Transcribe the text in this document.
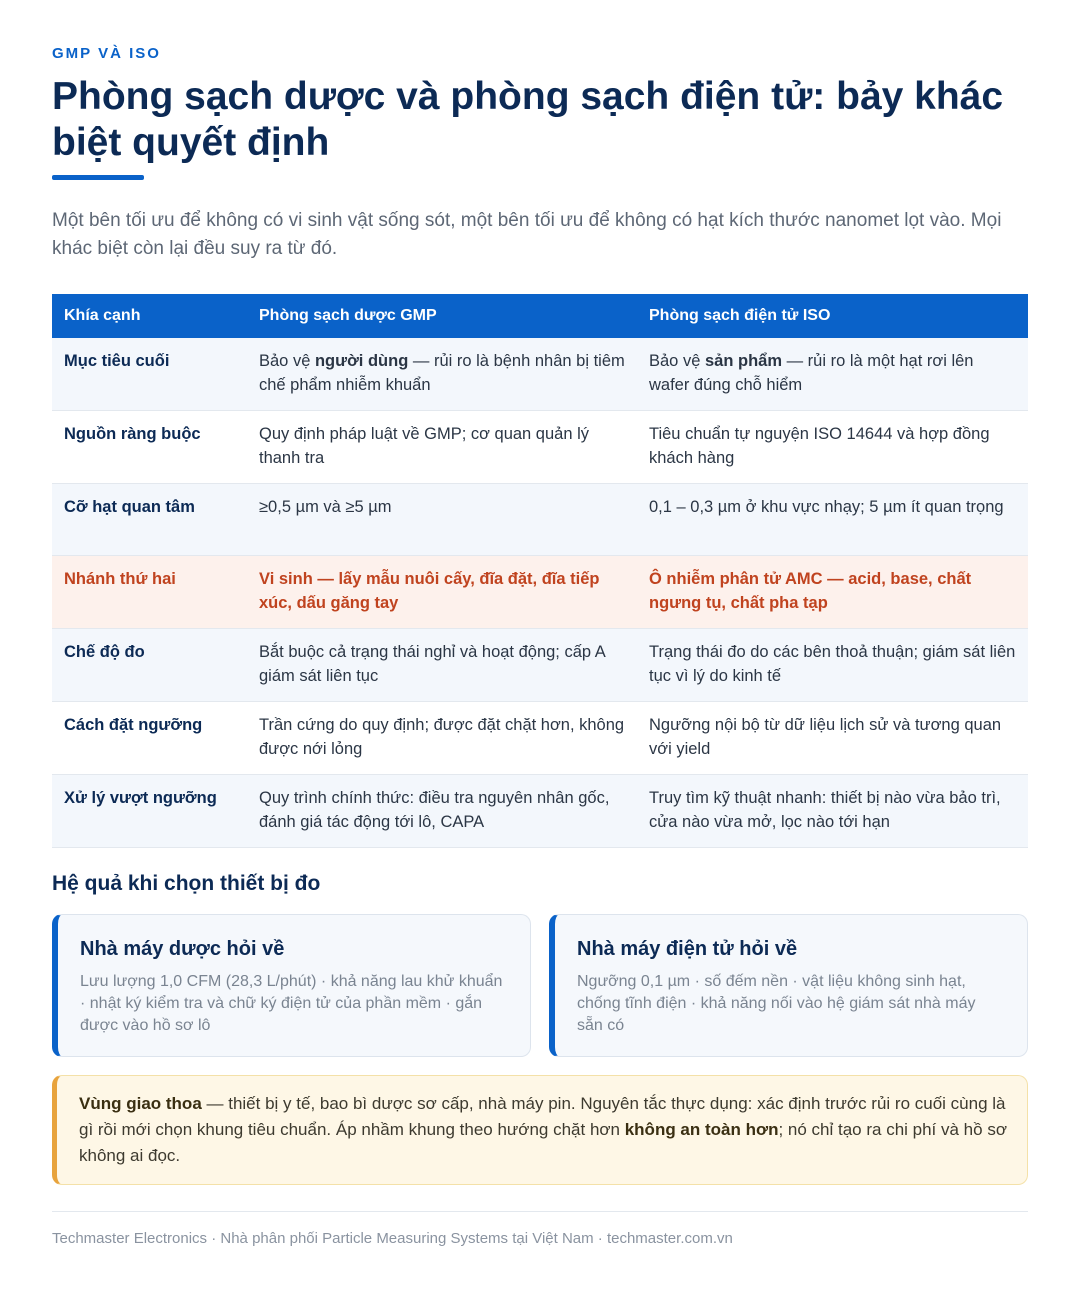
GMP VÀ ISO
Phòng sạch dược và phòng sạch điện tử: bảy khác biệt quyết định

Một bên tối ưu để không có vi sinh vật sống sót, một bên tối ưu để không có hạt kích thước nanomet lọt vào. Mọi khác biệt còn lại đều suy ra từ đó.

Khía cạnh	Phòng sạch dược GMP	Phòng sạch điện tử ISO
Mục tiêu cuối	Bảo vệ người dùng — rủi ro là bệnh nhân bị tiêm chế phẩm nhiễm khuẩn	Bảo vệ sản phẩm — rủi ro là một hạt rơi lên wafer đúng chỗ hiểm
Nguồn ràng buộc	Quy định pháp luật về GMP; cơ quan quản lý thanh tra	Tiêu chuẩn tự nguyện ISO 14644 và hợp đồng khách hàng
Cỡ hạt quan tâm	≥0,5 µm và ≥5 µm	0,1 – 0,3 µm ở khu vực nhạy; 5 µm ít quan trọng
Nhánh thứ hai	Vi sinh — lấy mẫu nuôi cấy, đĩa đặt, đĩa tiếp xúc, dấu găng tay	Ô nhiễm phân tử AMC — acid, base, chất ngưng tụ, chất pha tạp
Chế độ đo	Bắt buộc cả trạng thái nghỉ và hoạt động; cấp A giám sát liên tục	Trạng thái đo do các bên thoả thuận; giám sát liên tục vì lý do kinh tế
Cách đặt ngưỡng	Trần cứng do quy định; được đặt chặt hơn, không được nới lỏng	Ngưỡng nội bộ từ dữ liệu lịch sử và tương quan với yield
Xử lý vượt ngưỡng	Quy trình chính thức: điều tra nguyên nhân gốc, đánh giá tác động tới lô, CAPA	Truy tìm kỹ thuật nhanh: thiết bị nào vừa bảo trì, cửa nào vừa mở, lọc nào tới hạn
Hệ quả khi chọn thiết bị đo
Nhà máy dược hỏi về
Lưu lượng 1,0 CFM (28,3 L/phút) · khả năng lau khử khuẩn · nhật ký kiểm tra và chữ ký điện tử của phần mềm · gắn được vào hồ sơ lô
Nhà máy điện tử hỏi về
Ngưỡng 0,1 µm · số đếm nền · vật liệu không sinh hạt, chống tĩnh điện · khả năng nối vào hệ giám sát nhà máy sẵn có
Vùng giao thoa — thiết bị y tế, bao bì dược sơ cấp, nhà máy pin. Nguyên tắc thực dụng: xác định trước rủi ro cuối cùng là gì rồi mới chọn khung tiêu chuẩn. Áp nhầm khung theo hướng chặt hơn không an toàn hơn; nó chỉ tạo ra chi phí và hồ sơ không ai đọc.
Techmaster Electronics · Nhà phân phối Particle Measuring Systems tại Việt Nam · techmaster.com.vn
